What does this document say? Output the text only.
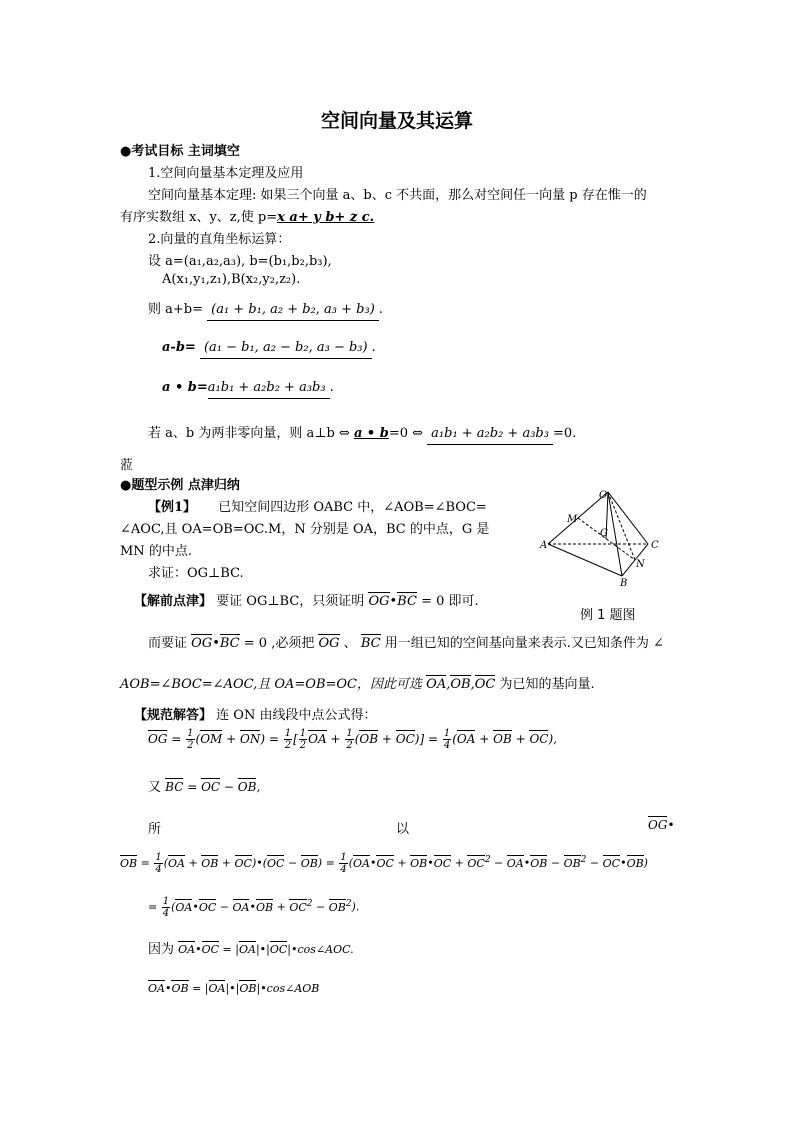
空间向量及其运算
●考试目标 主词填空
1.空间向量基本定理及应用
空间向量基本定理: 如果三个向量 a、b、c 不共面，那么对空间任一向量 p 存在惟一的
有序实数组 x、y、z,使 p=x a+ y b+ z c.
2.向量的直角坐标运算：
设 a=(a₁,a₂,a₃), b=(b₁,b₂,b₃),
A(x₁,y₁,z₁),B(x₂,y₂,z₂).
则 a+b= (a₁ + b₁, a₂ + b₂, a₃ + b₃) .
a-b= (a₁ − b₁, a₂ − b₂, a₃ − b₃) .
a • b=a₁b₁ + a₂b₂ + a₃b₃ .
若 a、b 为两非零向量，则 a⊥b ⇔ a • b=0 ⇔ a₁b₁ + a₂b₂ + a₃b₃ =0.
蒞
●题型示例 点津归纳
【例1】 已知空间四边形 OABC 中，∠AOB=∠BOC=
∠AOC,且 OA=OB=OC.M，N 分别是 OA，BC 的中点，G 是
MN 的中点.
求证：OG⊥BC.
O
M
G
A	C
N
B
例 1 题图
【解前点津】 要证 OG⊥BC，只须证明 OG•BC = 0 即可.
而要证 OG•BC = 0 ,必须把 OG 、 BC 用一组已知的空间基向量来表示.又已知条件为 ∠
AOB=∠BOC=∠AOC,且 OA=OB=OC，因此可选 OA,OB,OC 为已知的基向量.
【规范解答】 连 ON 由线段中点公式得：
OG = $\frac{1}{2} (OM + ON) = \frac{1}{2}$ [ $\frac{1}{2}$ OA + $\frac{1}{2} (OB + OC)] = \frac{1}{4} (OA$ + OB + OC),
又 BC = OC − OB,
所	以	OG•
OB = $\frac{1}{4} (OA$ + OB + OC)•(OC − $OB) = \frac{1}{4}$ (OA•OC + OB•OC + $OC^2$ − OA•OB − $OB^2$ − OC•OB)
= $\frac{1}{4}$ (OA•OC − OA•OB + $OC^2 - OB^2$).
因为 OA•OC = |OA|•|OC|•cos∠AOC.
OA•OB = |OA|•|OB|•cos∠AOB
